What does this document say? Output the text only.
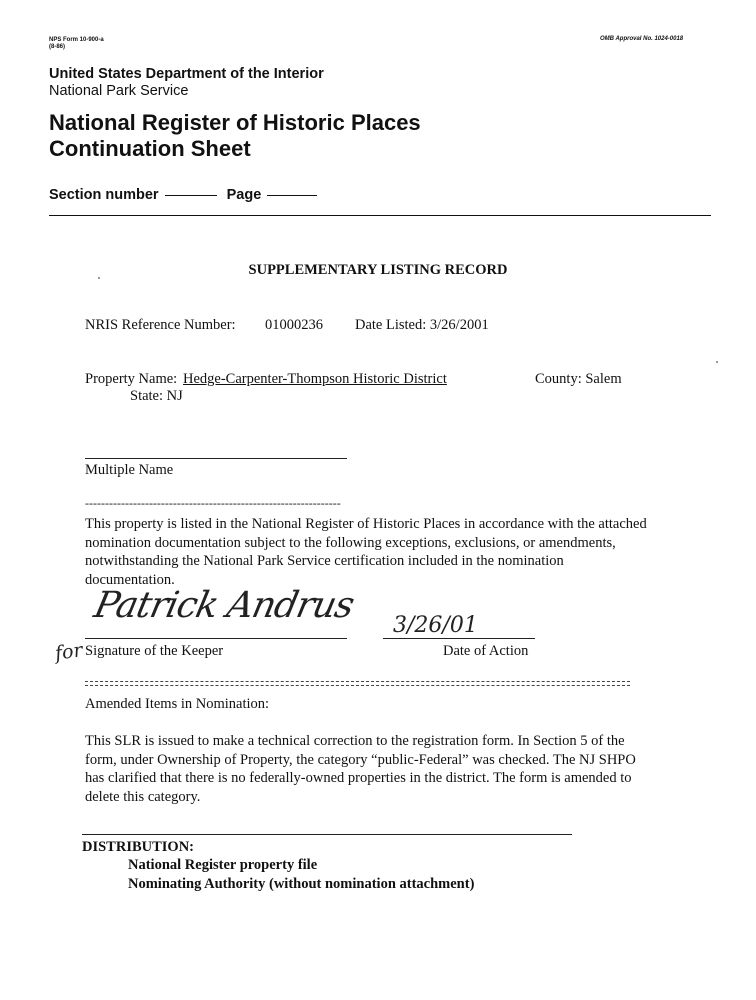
NPS Form 10-900-a
(8-86)
OMB Approval No. 1024-0018
United States Department of the Interior
National Park Service
National Register of Historic Places
Continuation Sheet
Section number	Page
SUPPLEMENTARY LISTING RECORD
NRIS Reference Number: 01000236 Date Listed: 3/26/2001
Property Name: Hedge-Carpenter-Thompson Historic District	County: Salem
State: NJ
Multiple Name
----------------------------------------------------------------
This property is listed in the National Register of Historic Places in accordance with the attached
nomination documentation subject to the following exceptions, exclusions, or amendments,
notwithstanding the National Park Service certification included in the nomination
documentation.
Patrick Andrus
for Signature of the Keeper
3/26/01
Date of Action
Amended Items in Nomination:
This SLR is issued to make a technical correction to the registration form. In Section 5 of the
form, under Ownership of Property, the category “public-Federal” was checked. The NJ SHPO
has clarified that there is no federally-owned properties in the district. The form is amended to
delete this category.
DISTRIBUTION:
National Register property file
Nominating Authority (without nomination attachment)
